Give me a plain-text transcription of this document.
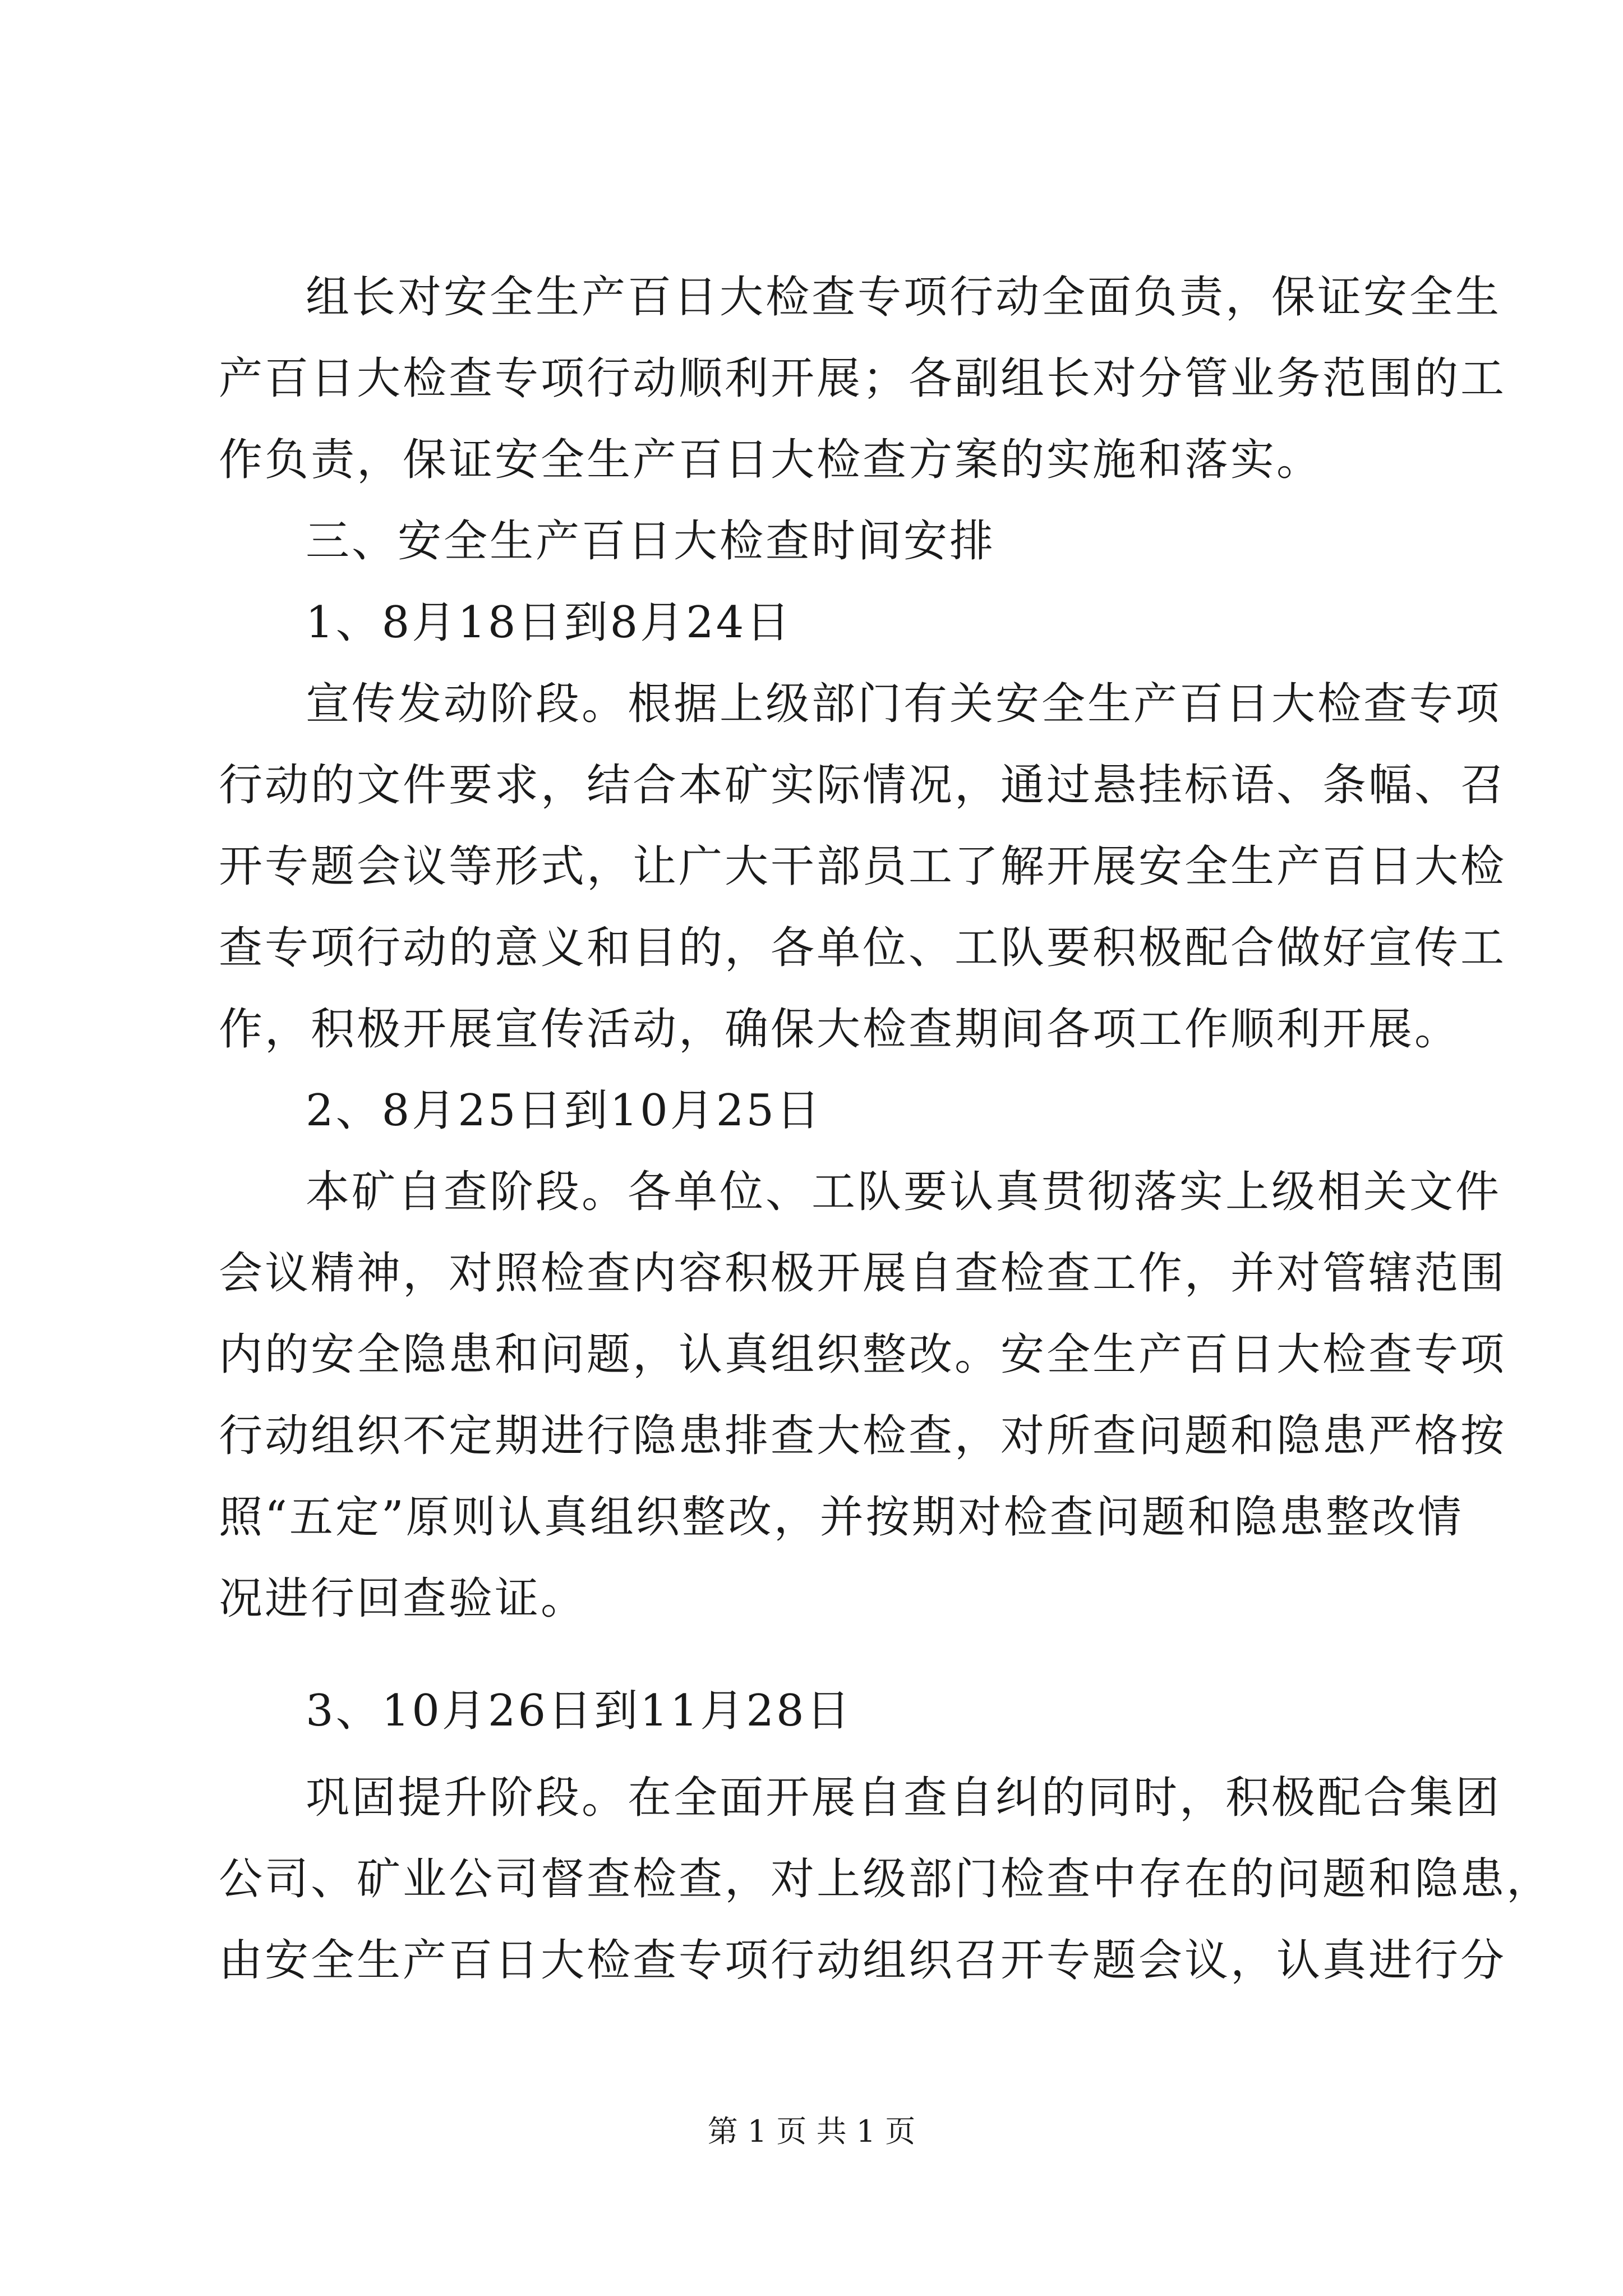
组长对安全生产百日大检查专项行动全面负责，保证安全生
产百日大检查专项行动顺利开展；各副组长对分管业务范围的工
作负责，保证安全生产百日大检查方案的实施和落实。
三、安全生产百日大检查时间安排
1、8月18日到8月24日
宣传发动阶段。根据上级部门有关安全生产百日大检查专项
行动的文件要求，结合本矿实际情况，通过悬挂标语、条幅、召
开专题会议等形式，让广大干部员工了解开展安全生产百日大检
查专项行动的意义和目的，各单位、工队要积极配合做好宣传工
作，积极开展宣传活动，确保大检查期间各项工作顺利开展。
2、8月25日到10月25日
本矿自查阶段。各单位、工队要认真贯彻落实上级相关文件
会议精神，对照检查内容积极开展自查检查工作，并对管辖范围
内的安全隐患和问题，认真组织整改。安全生产百日大检查专项
行动组织不定期进行隐患排查大检查，对所查问题和隐患严格按
照“五定”原则认真组织整改，并按期对检查问题和隐患整改情
况进行回查验证。
3、10月26日到11月28日
巩固提升阶段。在全面开展自查自纠的同时，积极配合集团
公司、矿业公司督查检查，对上级部门检查中存在的问题和隐患，
由安全生产百日大检查专项行动组织召开专题会议，认真进行分
第 1 页 共 1 页
